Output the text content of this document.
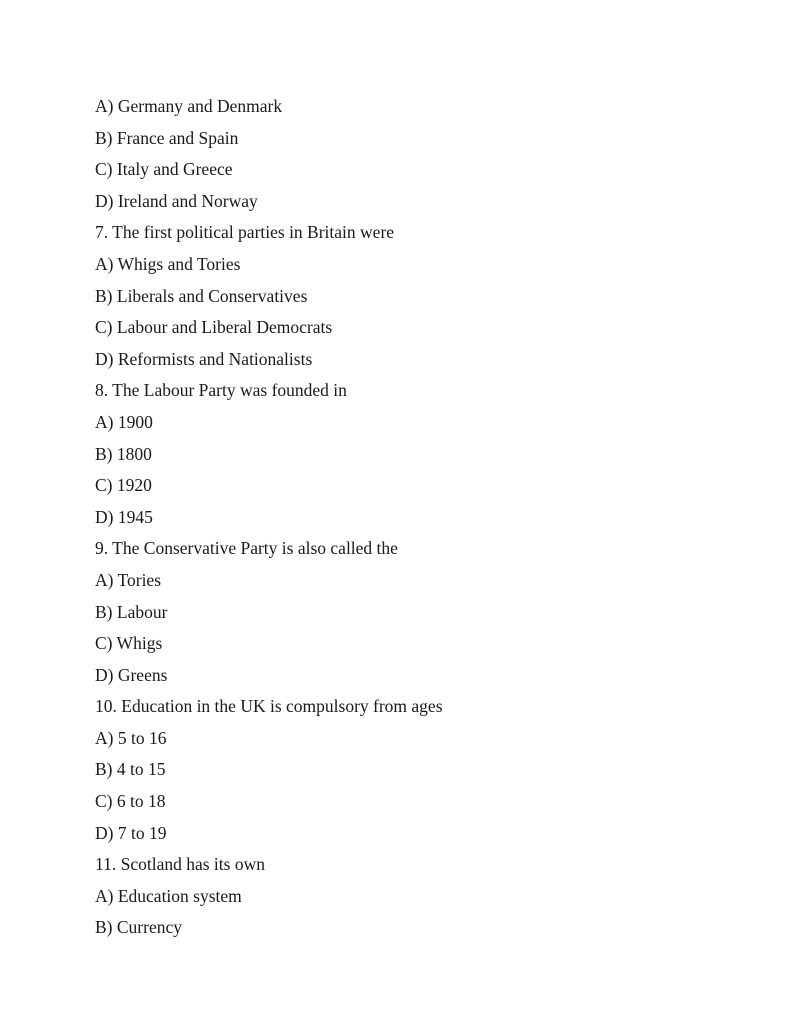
A) Germany and Denmark
B) France and Spain
C) Italy and Greece
D) Ireland and Norway
7. The first political parties in Britain were
A) Whigs and Tories
B) Liberals and Conservatives
C) Labour and Liberal Democrats
D) Reformists and Nationalists
8. The Labour Party was founded in
A) 1900
B) 1800
C) 1920
D) 1945
9. The Conservative Party is also called the
A) Tories
B) Labour
C) Whigs
D) Greens
10. Education in the UK is compulsory from ages
A) 5 to 16
B) 4 to 15
C) 6 to 18
D) 7 to 19
11. Scotland has its own
A) Education system
B) Currency
